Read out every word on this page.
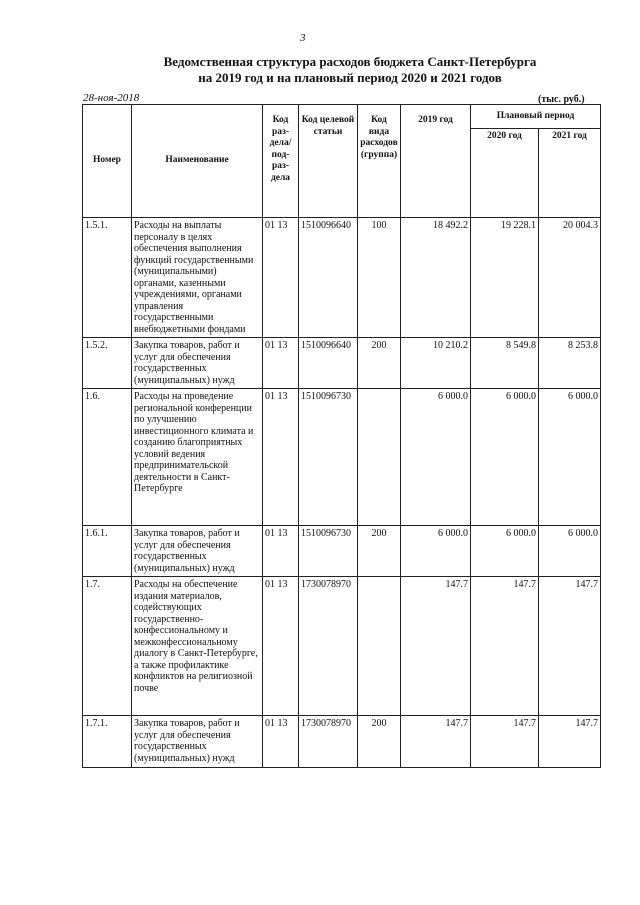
3
Ведомственная структура расходов бюджета Санкт-Петербурга
на 2019 год и на плановый период 2020 и 2021 годов
28-ноя-2018	(тыс. руб.)
Номер	Наименование	Код раз-дела/ под-раз-дела	Код целевой статьи	Код вида расходов (группа)	2019 год	Плановый период	
						2020 год	2021 год
1.5.1.	Расходы на выплаты персоналу в целях обеспечения выполнения функций государственными (муниципальными) органами, казенными учреждениями, органами управления государственными внебюджетными фондами	01 13	1510096640	100	18 492.2	19 228.1	20 004.3
1.5.2.	Закупка товаров, работ и услуг для обеспечения государственных (муниципальных) нужд	01 13	1510096640	200	10 210.2	8 549.8	8 253.8
1.6.	Расходы на проведение региональной конференции по улучшению инвестиционного климата и созданию благоприятных условий ведения предпринимательской деятельности в Санкт-Петербурге	01 13	1510096730		6 000.0	6 000.0	6 000.0
1.6.1.	Закупка товаров, работ и услуг для обеспечения государственных (муниципальных) нужд	01 13	1510096730	200	6 000.0	6 000.0	6 000.0
1.7.	Расходы на обеспечение издания материалов, содействующих государственно-конфессиональному и межконфессиональному диалогу в Санкт-Петербурге, а также профилактике конфликтов на религиозной почве	01 13	1730078970		147.7	147.7	147.7
1.7.1.	Закупка товаров, работ и услуг для обеспечения государственных (муниципальных) нужд	01 13	1730078970	200	147.7	147.7	147.7
